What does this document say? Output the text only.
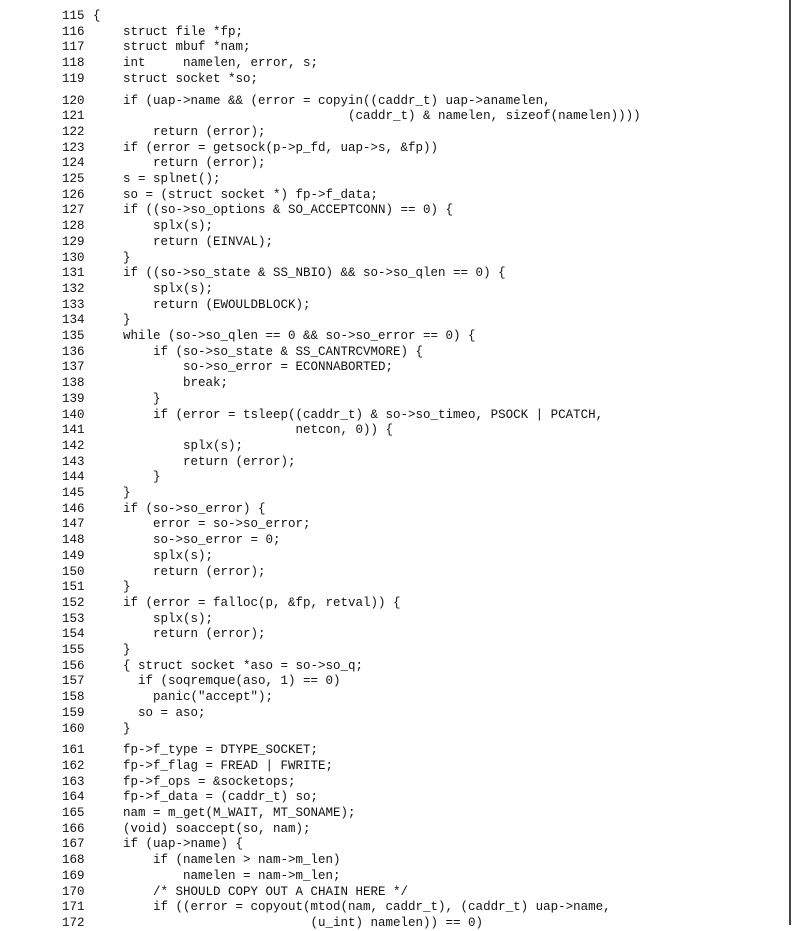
115 {
116 struct file *fp;
117 struct mbuf *nam;
118 int     namelen, error, s;
119 struct socket *so;
120 if (uap->name && (error = copyin((caddr_t) uap->anamelen,
121 (caddr_t) & namelen, sizeof(namelen))))
122 return (error);
123 if (error = getsock(p->p_fd, uap->s, &fp))
124 return (error);
125 s = splnet();
126 so = (struct socket *) fp->f_data;
127 if ((so->so_options & SO_ACCEPTCONN) == 0) {
128 splx(s);
129 return (EINVAL);
130 }
131 if ((so->so_state & SS_NBIO) && so->so_qlen == 0) {
132 splx(s);
133 return (EWOULDBLOCK);
134 }
135 while (so->so_qlen == 0 && so->so_error == 0) {
136 if (so->so_state & SS_CANTRCVMORE) {
137 so->so_error = ECONNABORTED;
138 break;
139 }
140 if (error = tsleep((caddr_t) & so->so_timeo, PSOCK | PCATCH,
141 netcon, 0)) {
142 splx(s);
143 return (error);
144 }
145 }
146 if (so->so_error) {
147 error = so->so_error;
148 so->so_error = 0;
149 splx(s);
150 return (error);
151 }
152 if (error = falloc(p, &fp, retval)) {
153 splx(s);
154 return (error);
155 }
156 { struct socket *aso = so->so_q;
157 if (soqremque(aso, 1) == 0)
158 panic("accept");
159 so = aso;
160 }
161 fp->f_type = DTYPE_SOCKET;
162 fp->f_flag = FREAD | FWRITE;
163 fp->f_ops = &socketops;
164 fp->f_data = (caddr_t) so;
165 nam = m_get(M_WAIT, MT_SONAME);
166 (void) soaccept(so, nam);
167 if (uap->name) {
168 if (namelen > nam->m_len)
169 namelen = nam->m_len;
170 /* SHOULD COPY OUT A CHAIN HERE */
171 if ((error = copyout(mtod(nam, caddr_t), (caddr_t) uap->name,
172 (u_int) namelen)) == 0)
